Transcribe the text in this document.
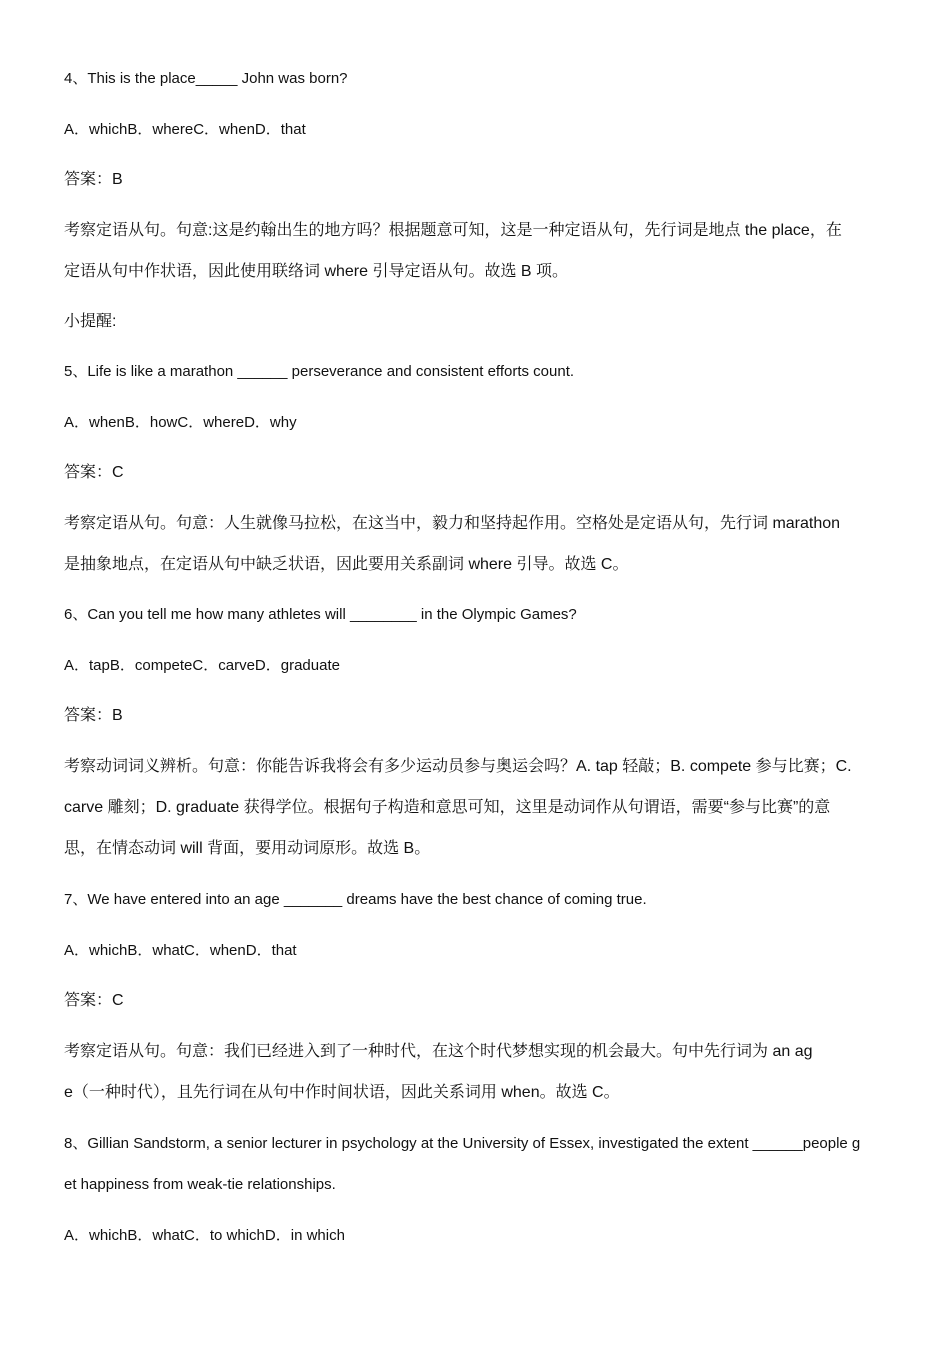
4、This is the place_____ John was born?
A．whichB．whereC．whenD．that
答案：B
考察定语从句。句意:这是约翰出生的地方吗？根据题意可知，这是一种定语从句，先行词是地点 the place，在
定语从句中作状语，因此使用联络词 where 引导定语从句。故选 B 项。
小提醒:
5、Life is like a marathon ______ perseverance and consistent efforts count.
A．whenB．howC．whereD．why
答案：C
考察定语从句。句意：人生就像马拉松，在这当中，毅力和坚持起作用。空格处是定语从句，先行词 marathon
是抽象地点，在定语从句中缺乏状语，因此要用关系副词 where 引导。故选 C。
6、Can you tell me how many athletes will ________ in the Olympic Games?
A．tapB．competeC．carveD．graduate
答案：B
考察动词词义辨析。句意：你能告诉我将会有多少运动员参与奥运会吗？A. tap 轻敲；B. compete 参与比赛；C.
carve 雕刻；D. graduate 获得学位。根据句子构造和意思可知，这里是动词作从句谓语，需要“参与比赛”的意
思，在情态动词 will 背面，要用动词原形。故选 B。
7、We have entered into an age _______ dreams have the best chance of coming true.
A．whichB．whatC．whenD．that
答案：C
考察定语从句。句意：我们已经进入到了一种时代，在这个时代梦想实现的机会最大。句中先行词为 an ag
e（一种时代），且先行词在从句中作时间状语，因此关系词用 when。故选 C。
8、Gillian Sandstorm, a senior lecturer in psychology at the University of Essex, investigated the extent ______people g
et happiness from weak-tie relationships.
A．whichB．whatC．to whichD．in which
